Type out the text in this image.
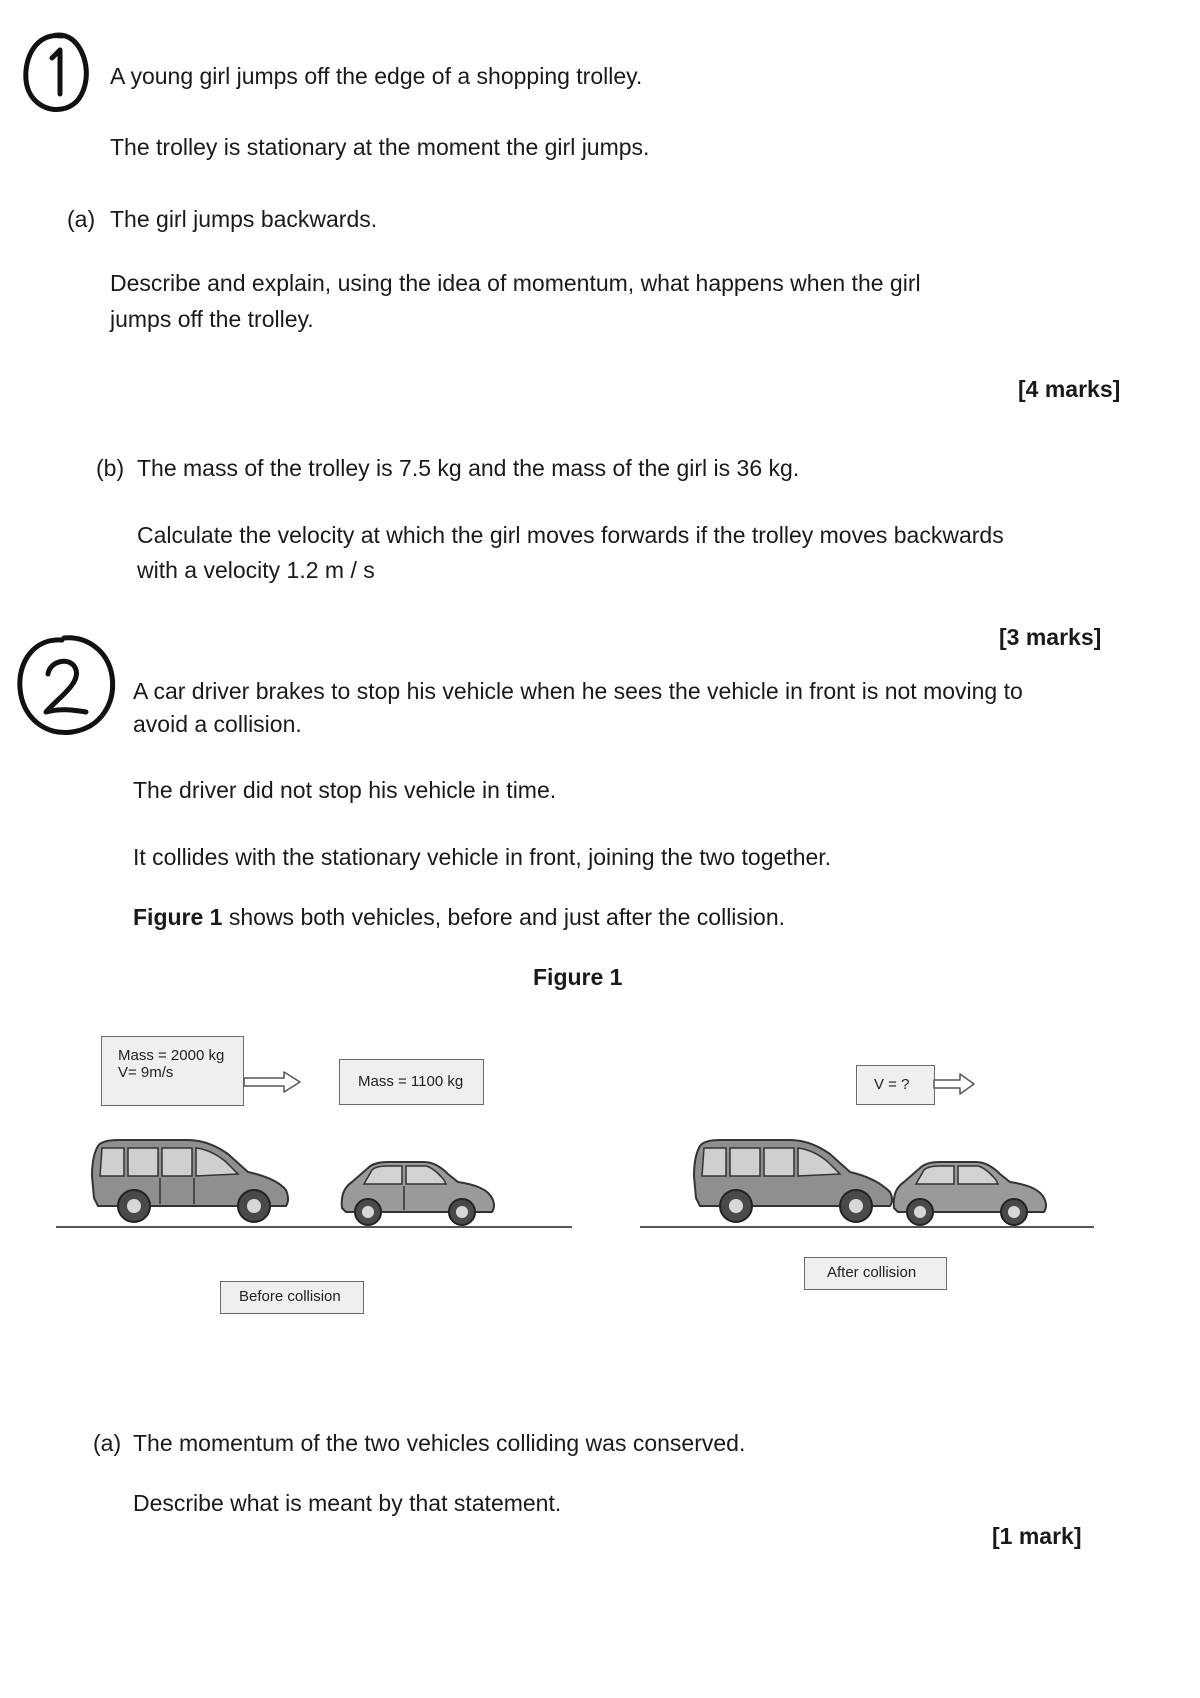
A young girl jumps off the edge of a shopping trolley.
The trolley is stationary at the moment the girl jumps.
(a) The girl jumps backwards.
Describe and explain, using the idea of momentum, what happens when the girl
jumps off the trolley.
[4 marks]
(b) The mass of the trolley is 7.5 kg and the mass of the girl is 36 kg.
Calculate the velocity at which the girl moves forwards if the trolley moves backwards
with a velocity 1.2 m / s
[3 marks]
A car driver brakes to stop his vehicle when he sees the vehicle in front is not moving to
avoid a collision.
The driver did not stop his vehicle in time.
It collides with the stationary vehicle in front, joining the two together.
Figure 1 shows both vehicles, before and just after the collision.
Figure 1
Mass = 2000 kg
V= 9m/s
Mass = 1100 kg
Before collision
V = ?
After collision
(a) The momentum of the two vehicles colliding was conserved.
Describe what is meant by that statement.
[1 mark]
